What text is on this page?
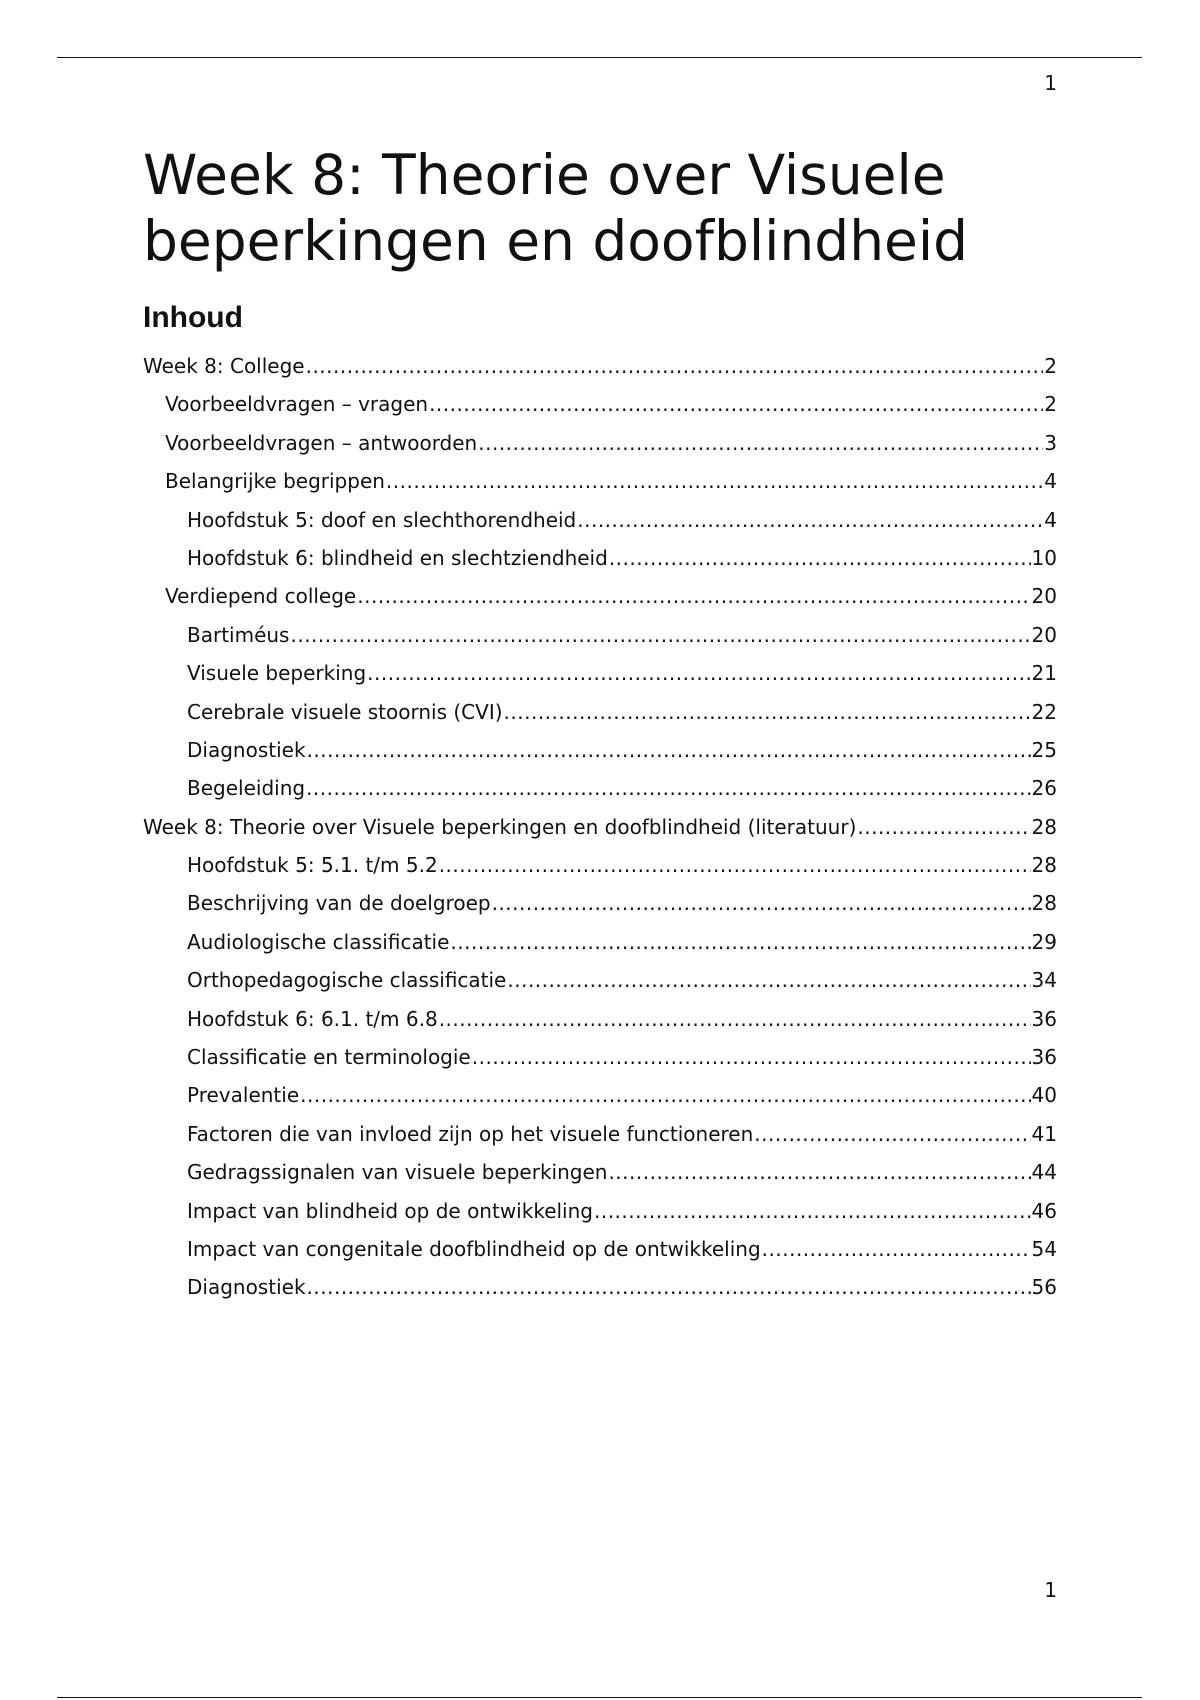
1
Week 8: Theorie over Visuele beperkingen en doofblindheid
Inhoud
Week 8: College .....	2
Voorbeeldvragen – vragen .....	2
Voorbeeldvragen – antwoorden .....	3
Belangrijke begrippen .....	4
Hoofdstuk 5: doof en slechthorendheid .....	4
Hoofdstuk 6: blindheid en slechtziendheid .....	10
Verdiepend college .....	20
Bartiméus .....	20
Visuele beperking .....	21
Cerebrale visuele stoornis (CVI) .....	22
Diagnostiek .....	25
Begeleiding .....	26
Week 8: Theorie over Visuele beperkingen en doofblindheid (literatuur) .....	28
Hoofdstuk 5: 5.1. t/m 5.2 .....	28
Beschrijving van de doelgroep .....	28
Audiologische classificatie .....	29
Orthopedagogische classificatie .....	34
Hoofdstuk 6: 6.1. t/m 6.8 .....	36
Classificatie en terminologie .....	36
Prevalentie .....	40
Factoren die van invloed zijn op het visuele functioneren .....	41
Gedragssignalen van visuele beperkingen .....	44
Impact van blindheid op de ontwikkeling .....	46
Impact van congenitale doofblindheid op de ontwikkeling .....	54
Diagnostiek .....	56
1
